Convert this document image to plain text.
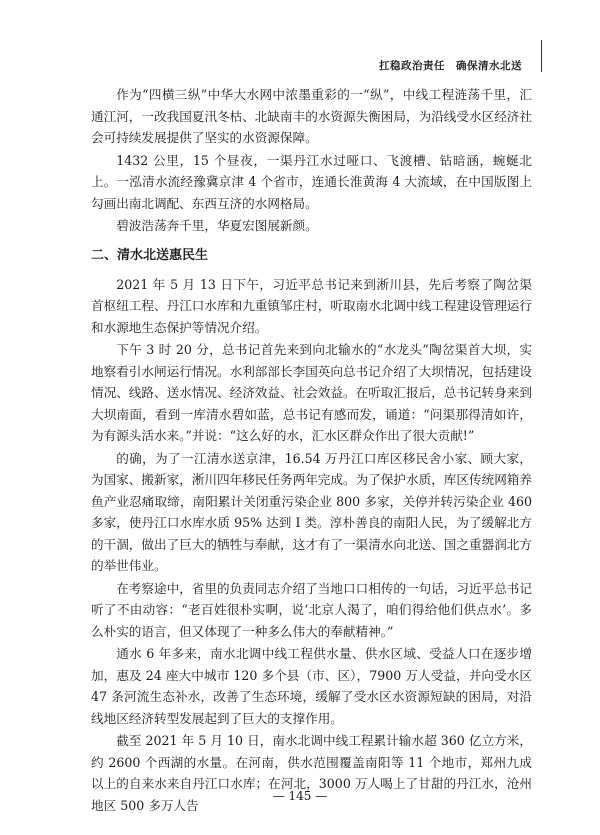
扛稳政治责任　确保清水北送

作为“四横三纵”中华大水网中浓墨重彩的一“纵”，中线工程涟荡千里，汇通江河，一改我国夏汛冬枯、北缺南丰的水资源失衡困局，为沿线受水区经济社会可持续发展提供了坚实的水资源保障。

1432 公里，15 个昼夜，一渠丹江水过哑口、飞渡槽、钻暗涵，蜿蜒北上。一泓清水流经豫冀京津 4 个省市，连通长淮黄海 4 大流域，在中国版图上勾画出南北调配、东西互济的水网格局。

碧波浩荡奔千里，华夏宏图展新颜。

二、清水北送惠民生

2021 年 5 月 13 日下午，习近平总书记来到淅川县，先后考察了陶岔渠首枢纽工程、丹江口水库和九重镇邹庄村，听取南水北调中线工程建设管理运行和水源地生态保护等情况介绍。

下午 3 时 20 分，总书记首先来到向北输水的“水龙头”陶岔渠首大坝，实地察看引水闸运行情况。水利部部长李国英向总书记介绍了大坝情况，包括建设情况、线路、送水情况、经济效益、社会效益。在听取汇报后，总书记转身来到大坝南面，看到一库清水碧如蓝，总书记有感而发，诵道：“问渠那得清如许，为有源头活水来。”并说：“这么好的水，汇水区群众作出了很大贡献!”

的确，为了一江清水送京津，16.54 万丹江口库区移民舍小家、顾大家，为国家、搬新家，淅川四年移民任务两年完成。为了保护水质，库区传统网箱养鱼产业忍痛取缔，南阳累计关闭重污染企业 800 多家，关停并转污染企业 460 多家，使丹江口水库水质 95% 达到 Ⅰ 类。淳朴善良的南阳人民，为了缓解北方的干涸，做出了巨大的牺牲与奉献，这才有了一渠清水向北送、国之重器润北方的举世伟业。

在考察途中，省里的负责同志介绍了当地口口相传的一句话，习近平总书记听了不由动容：“老百姓很朴实啊，说‘北京人渴了，咱们得给他们供点水’。多么朴实的语言，但又体现了一种多么伟大的奉献精神。”

通水 6 年多来，南水北调中线工程供水量、供水区域、受益人口在逐步增加，惠及 24 座大中城市 120 多个县（市、区），7900 万人受益，并向受水区 47 条河流生态补水，改善了生态环境，缓解了受水区水资源短缺的困局，对沿线地区经济转型发展起到了巨大的支撑作用。

截至 2021 年 5 月 10 日，南水北调中线工程累计输水超 360 亿立方米，约 2600 个西湖的水量。在河南，供水范围覆盖南阳等 11 个地市，郑州九成以上的自来水来自丹江口水库；在河北，3000 万人喝上了甘甜的丹江水，沧州地区 500 多万人告

— 145 —
